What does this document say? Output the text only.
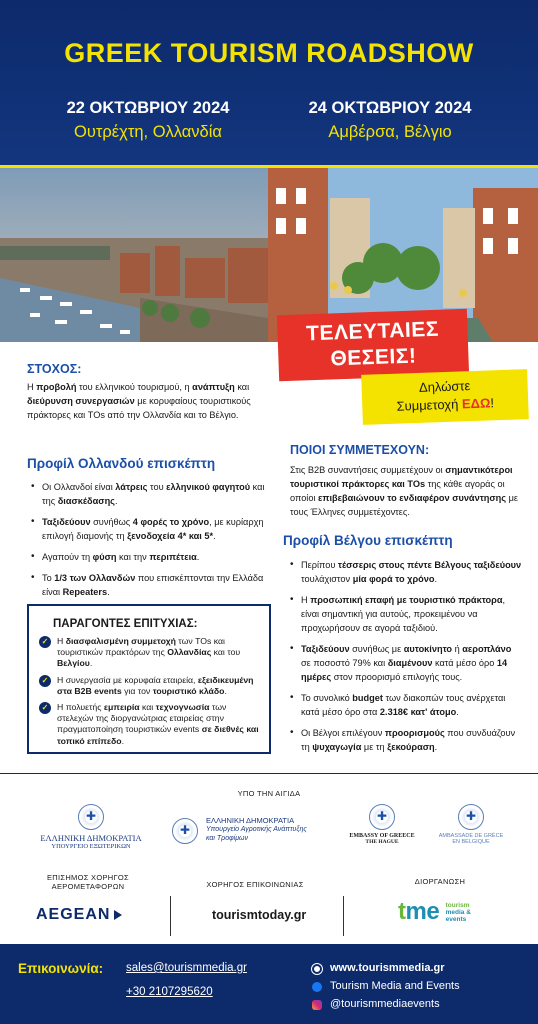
GREEK TOURISM ROADSHOW
22 ΟΚΤΩΒΡΙΟΥ 2024
Ουτρέχτη, Ολλανδία
24 ΟΚΤΩΒΡΙΟΥ 2024
Αμβέρσα, Βέλγιο
ΤΕΛΕΥΤΑΙΕΣ
ΘΕΣΕΙΣ!
Δηλώστε
Συμμετοχή ΕΔΩ!
ΣΤΟΧΟΣ:
Η προβολή του ελληνικού τουρισμού, η ανάπτυξη και διεύρυνση συνεργασιών με κορυφαίους τουριστικούς πράκτορες και TOs από την Ολλανδία και το Βέλγιο.
Προφίλ Ολλανδού επισκέπτη
• Οι Ολλανδοί είναι λάτρεις του ελληνικού φαγητού και της διασκέδασης.
• Ταξιδεύουν συνήθως 4 φορές το χρόνο, με κυρίαρχη επιλογή διαμονής τη ξενοδοχεία 4* και 5*.
• Αγαπούν τη φύση και την περιπέτεια.
• Το 1/3 των Ολλανδών που επισκέπτονται την Ελλάδα είναι Repeaters.
ΠΑΡΑΓΟΝΤΕΣ ΕΠΙΤΥΧΙΑΣ:
✓ Η διασφαλισμένη συμμετοχή των TOs και τουριστικών πρακτόρων της Ολλανδίας και του Βελγίου.
✓ Η συνεργασία με κορυφαία εταιρεία, εξειδικευμένη στα B2B events για τον τουριστικό κλάδο.
✓ Η πολυετής εμπειρία και τεχνογνωσία των στελεχών της διοργανώτριας εταιρείας στην πραγματοποίηση τουριστικών events σε διεθνές και τοπικό επίπεδο.
ΠΟΙΟΙ ΣΥΜΜΕΤΕΧΟΥΝ:
Στις B2B συναντήσεις συμμετέχουν οι σημαντικότεροι τουριστικοί πράκτορες και TOs της κάθε αγοράς οι οποίοι επιβεβαιώνουν το ενδιαφέρον συνάντησης με τους Έλληνες συμμετέχοντες.
Προφίλ Βέλγου επισκέπτη
• Περίπου τέσσερις στους πέντε Βέλγους ταξιδεύουν τουλάχιστον μία φορά το χρόνο.
• Η προσωπική επαφή με τουριστικό πράκτορα, είναι σημαντική για αυτούς, προκειμένου να προχωρήσουν σε αγορά ταξιδιού.
• Ταξιδεύουν συνήθως με αυτοκίνητο ή αεροπλάνο σε ποσοστό 79% και διαμένουν κατά μέσο όρο 14 ημέρες στον προορισμό επιλογής τους.
• Το συνολικό budget των διακοπών τους ανέρχεται κατά μέσο όρο στα 2.318€ κατ' άτομο.
• Οι Βέλγοι επιλέγουν προορισμούς που συνδυάζουν τη ψυχαγωγία με τη ξεκούραση.
ΥΠΟ ΤΗΝ ΑΙΓΙΔΑ
✚
ΕΛΛΗΝΙΚΗ ΔΗΜΟΚΡΑΤΙΑ
ΥΠΟΥΡΓΕΙΟ ΕΞΩΤΕΡΙΚΩΝ
✚
ΕΛΛΗΝΙΚΗ ΔΗΜΟΚΡΑΤΙΑ
Υπουργείο Αγροτικής Ανάπτυξης
και Τροφίμων
✚	EMBASSY OF GREECE
THE HAGUE
✚
AMBASSADE DE GRÈCE
EN BELGIQUE
ΕΠΙΣΗΜΟΣ ΧΟΡΗΓΟΣ
ΑΕΡΟΜΕΤΑΦΟΡΩΝ
AEGEAN
ΧΟΡΗΓΟΣ ΕΠΙΚΟΙΝΩΝΙΑΣ
tourismtoday.gr
ΔΙΟΡΓΑΝΩΣΗ
tme tourism
media &
events
Επικοινωνία: sales@tourismmedia.gr
+30 2107295620
www.tourismmedia.gr
Tourism Media and Events
@tourismmediaevents
